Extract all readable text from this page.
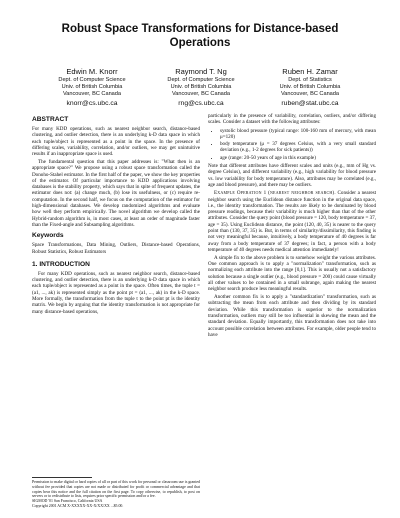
Robust Space Transformations for Distance-based
Operations
Edwin M. Knorr
Dept. of Computer Science
Univ. of British Columbia
Vancouver, BC Canada
knorr@cs.ubc.ca
Raymond T. Ng
Dept. of Computer Science
Univ. of British Columbia
Vancouver, BC Canada
rng@cs.ubc.ca
Ruben H. Zamar
Dept. of Statistics
Univ. of British Columbia
Vancouver, BC Canada
ruben@stat.ubc.ca
ABSTRACT

For many KDD operations, such as nearest neighbor search, distance-based clustering, and outlier detection, there is an underlying k-D data space in which each tuple/object is represented as a point in the space. In the presence of differing scales, variability, correlation, and/or outliers, we may get unintuitive results if an inappropriate space is used.

The fundamental question that this paper addresses is: "What then is an appropriate space?" We propose using a robust space transformation called the Donoho-Stahel estimator. In the first half of the paper, we show the key properties of the estimator. Of particular importance to KDD applications involving databases is the stability property, which says that in spite of frequent updates, the estimator does not: (a) change much, (b) lose its usefulness, or (c) require re-computation. In the second half, we focus on the computation of the estimator for high-dimensional databases. We develop randomized algorithms and evaluate how well they perform empirically. The novel algorithm we develop called the Hybrid-random algorithm is, in most cases, at least an order of magnitude faster than the Fixed-angle and Subsampling algorithms.

Keywords

Space Transformations, Data Mining, Outliers, Distance-based Operations, Robust Statistics, Robust Estimators

1. INTRODUCTION

For many KDD operations, such as nearest neighbor search, distance-based clustering, and outlier detection, there is an underlying k-D data space in which each tuple/object is represented as a point in the space. Often times, the tuple t = (a1, ..., ak) is represented simply as the point pt = (a1, ..., ak) in the k-D space. More formally, the transformation from the tuple t to the point pt is the identity matrix. We begin by arguing that the identity transformation is not appropriate for many distance-based operations,

Permission to make digital or hard copies of all or part of this work for personal or classroom use is granted without fee provided that copies are not made or distributed for profit or commercial advantage and that copies bear this notice and the full citation on the first page. To copy otherwise, to republish, to post on servers or to redistribute to lists, requires prior specific permission and/or a fee.
SIGMOD '01 San Francisco, California USA
Copyright 2001 ACM X-XXXXX-XX-X/XX/XX ...$5.00.

particularly in the presence of variability, correlation, outliers, and/or differing scales. Consider a dataset with the following attributes:

• systolic blood pressure (typical range: 100-160 mm of mercury, with mean μ=120)
• body temperature (μ = 37 degrees Celsius, with a very small standard deviation (e.g., 1-2 degrees for sick patients))
• age (range: 20-50 years of age in this example)

Note that different attributes have different scales and units (e.g., mm of Hg vs. degree Celsius), and different variability (e.g., high variability for blood pressure vs. low variability for body temperature). Also, attributes may be correlated (e.g., age and blood pressure), and there may be outliers.

Example Operation 1 (nearest neighbor search). Consider a nearest neighbor search using the Euclidean distance function in the original data space, i.e., the identity transformation. The results are likely to be dominated by blood pressure readings, because their variability is much higher than that of the other attributes. Consider the query point (blood pressure = 120, body temperature = 37, age = 35). Using Euclidean distance, the point (120, 40, 35) is nearer to the query point than (130, 37, 35) is. But, in terms of similarity/dissimilarity, this finding is not very meaningful because, intuitively, a body temperature of 40 degrees is far away from a body temperature of 37 degrees; in fact, a person with a body temperature of 40 degrees needs medical attention immediately!

A simple fix to the above problem is to somehow weight the various attributes. One common approach is to apply a "normalization" transformation, such as normalizing each attribute into the range [0,1]. This is usually not a satisfactory solution because a single outlier (e.g., blood pressure = 200) could cause virtually all other values to be contained in a small subrange, again making the nearest neighbor search produce less meaningful results.

Another common fix is to apply a "standardization" transformation, such as subtracting the mean from each attribute and then dividing by its standard deviation. While this transformation is superior to the normalization transformation, outliers may still be too influential in skewing the mean and the standard deviation. Equally importantly, this transformation does not take into account possible correlation between attributes. For example, older people tend to have
